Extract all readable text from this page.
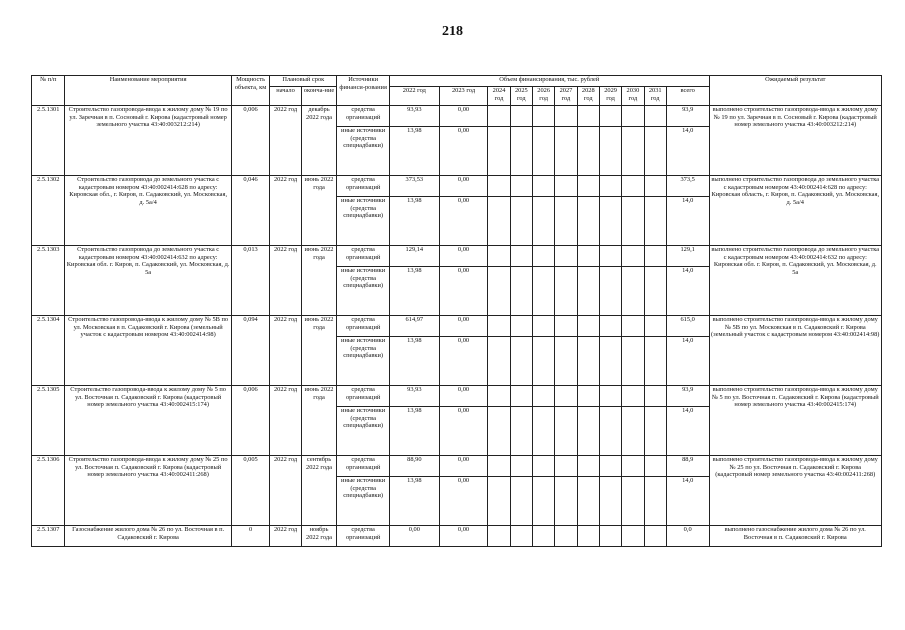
218
№ п/п	Наименование мероприятия	Мощность объекта, км	Плановый срок		Источники финанси-рования	Объем финансирования, тыс. рублей											Ожидаемый результат
			начало	оконча-ние		2022 год	2023 год	2024 год	2025 год	2026 год	2027 год	2028 год	2029 год	2030 год	2031 год	всего	
2.5.1301	Строительство газопровода-ввода к жилому дому № 19 по ул. Заречная в п. Сосновый г. Кирова (кадастровый номер земельного участка 43:40:003212:214)	0,006	2022 год	декабрь 2022 года	средства организаций	93,93	0,00									93,9	выполнено строительство газопровода-ввода к жилому дому № 19 по ул. Заречная в п. Сосновый г. Кирова (кадастровый номер земельного участка 43:40:003212:214)
					иные источники (средства спецнадбавки)	13,98	0,00									14,0	
2.5.1302	Строительство газопровода до земельного участка с кадастровым номером 43:40:002414:628 по адресу: Кировская обл., г. Киров, п. Садаковский, ул. Московская, д. 5а/4	0,046	2022 год	июнь 2022 года	средства организаций	373,53	0,00									373,5	выполнено строительство газопровода до земельного участка с кадастровым номером 43:40:002414:628 по адресу: Кировская область, г. Киров, п. Садаковский, ул. Московская, д. 5а/4
					иные источники (средства спецнадбавки)	13,98	0,00									14,0	
2.5.1303	Строительство газопровода до земельного участка с кадастровым номером 43:40:002414:632 по адресу: Кировская обл. г. Киров, п. Садаковский, ул. Московская, д. 5а	0,013	2022 год	июнь 2022 года	средства организаций	129,14	0,00									129,1	выполнено строительство газопровода до земельного участка с кадастровым номером 43:40:002414:632 по адресу: Кировская обл. г. Киров, п. Садаковский, ул. Московская, д. 5а
					иные источники (средства спецнадбавки)	13,98	0,00									14,0	
2.5.1304	Строительство газопровода-ввода к жилому дому № 5В по ул. Московская в п. Садаковский г. Кирова (земельный участок с кадастровым номером 43:40:002414:98)	0,094	2022 год	июнь 2022 года	средства организаций	614,97	0,00									615,0	выполнено строительство газопровода-ввода к жилому дому № 5В по ул. Московская в п. Садаковский г. Кирова (земельный участок с кадастровым номером 43:40:002414:98)
					иные источники (средства спецнадбавки)	13,98	0,00									14,0	
2.5.1305	Строительство газопровода-ввода к жилому дому № 5 по ул. Восточная п. Садаковский г. Кирова (кадастровый номер земельного участка 43:40:002415:174)	0,006	2022 год	июнь 2022 года	средства организаций	93,93	0,00									93,9	выполнено строительство газопровода-ввода к жилому дому № 5 по ул. Восточная п. Садаковский г. Кирова (кадастровый номер земельного участка 43:40:002415:174)
					иные источники (средства спецнадбавки)	13,98	0,00									14,0	
2.5.1306	Строительство газопровода-ввода к жилому дому № 25 по ул. Восточная п. Садаковский г. Кирова (кадастровый номер земельного участка 43:40:002411:268)	0,005	2022 год	сентябрь 2022 года	средства организаций	88,90	0,00									88,9	выполнено строительство газопровода-ввода к жилому дому № 25 по ул. Восточная п. Садаковский г. Кирова (кадастровый номер земельного участка 43:40:002411:268)
					иные источники (средства спецнадбавки)	13,98	0,00									14,0	
2.5.1307	Газоснабжение жилого дома № 26 по ул. Восточная в п. Садаковский г. Кирова	0	2022 год	ноябрь 2022 года	средства организаций	0,00	0,00									0,0	выполнено газоснабжение жилого дома № 26 по ул. Восточная в п. Садаковский г. Кирова
